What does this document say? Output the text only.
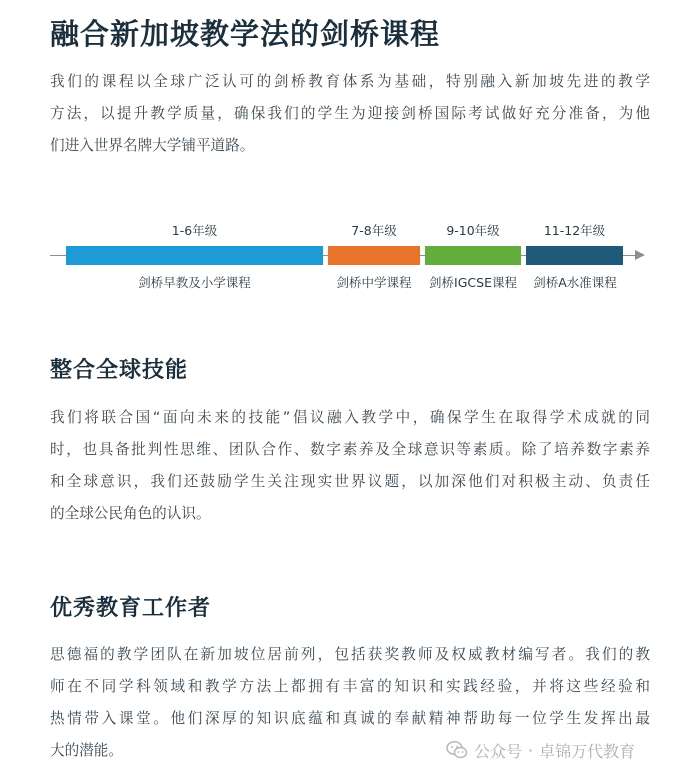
融合新加坡教学法的剑桥课程
我们的课程以全球广泛认可的剑桥教育体系为基础，特别融入新加坡先进的教学
方法，以提升教学质量，确保我们的学生为迎接剑桥国际考试做好充分准备，为他
们进入世界名牌大学铺平道路。
1-6年级
剑桥早教及小学课程
7-8年级
剑桥中学课程
9-10年级
剑桥IGCSE课程
11-12年级
剑桥A水准课程
整合全球技能
我们将联合国“面向未来的技能”倡议融入教学中，确保学生在取得学术成就的同
时，也具备批判性思维、团队合作、数字素养及全球意识等素质。除了培养数字素养
和全球意识，我们还鼓励学生关注现实世界议题，以加深他们对积极主动、负责任
的全球公民角色的认识。
优秀教育工作者
思德福的教学团队在新加坡位居前列，包括获奖教师及权威教材编写者。我们的教
师在不同学科领域和教学方法上都拥有丰富的知识和实践经验，并将这些经验和
热情带入课堂。他们深厚的知识底蕴和真诚的奉献精神帮助每一位学生发挥出最
大的潜能。	公众号 · 卓锦万代教育
